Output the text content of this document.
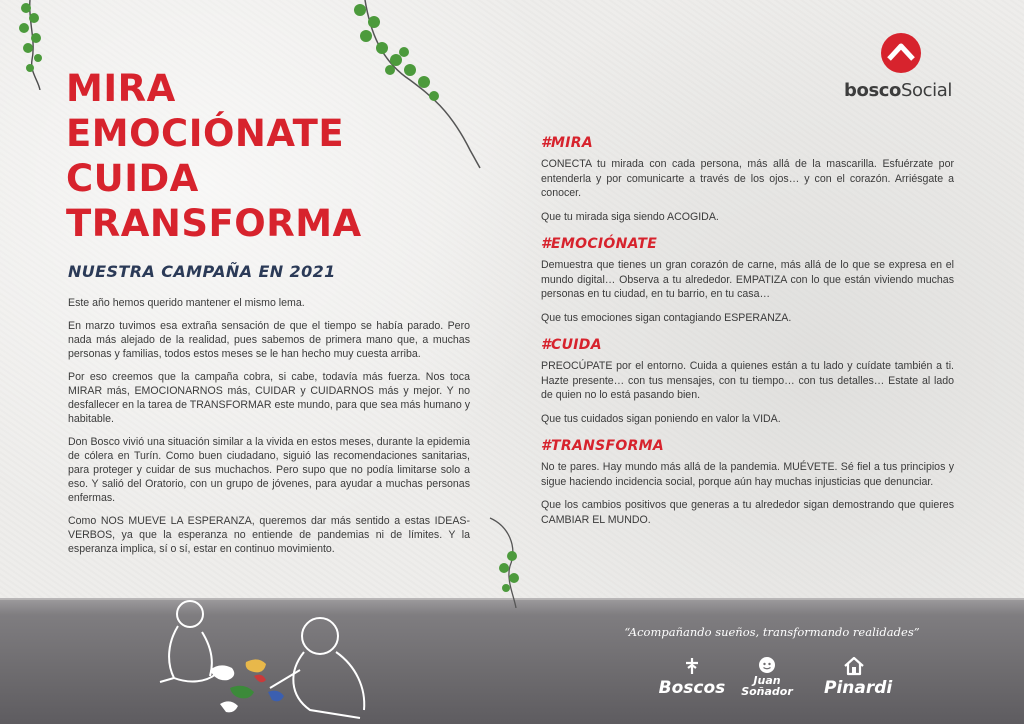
MIRA
EMOCIÓNATE
CUIDA
TRANSFORMA
NUESTRA CAMPAÑA EN 2021

Este año hemos querido mantener el mismo lema.

En marzo tuvimos esa extraña sensación de que el tiempo se había parado. Pero nada más alejado de la realidad, pues sabemos de primera mano que, a muchas personas y familias, todos estos meses se le han hecho muy cuesta arriba.

Por eso creemos que la campaña cobra, si cabe, todavía más fuerza. Nos toca MIRAR más, EMOCIONARNOS más, CUIDAR y CUIDARNOS más y mejor. Y no desfallecer en la tarea de TRANSFORMAR este mundo, para que sea más humano y habitable.

Don Bosco vivió una situación similar a la vivida en estos meses, durante la epidemia de cólera en Turín. Como buen ciudadano, siguió las recomendaciones sanitarias, para proteger y cuidar de sus muchachos. Pero supo que no podía limitarse solo a eso. Y salió del Oratorio, con un grupo de jóvenes, para ayudar a muchas personas enfermas.

Como NOS MUEVE LA ESPERANZA, queremos dar más sentido a estas IDEAS-VERBOS, ya que la esperanza no entiende de pandemias ni de límites. Y la esperanza implica, sí o sí, estar en continuo movimiento.

boscoSocial
#MIRA

CONECTA tu mirada con cada persona, más allá de la mascarilla. Esfuérzate por entenderla y por comunicarte a través de los ojos… y con el corazón. Arriésgate a conocer.

Que tu mirada siga siendo ACOGIDA.

#EMOCIÓNATE

Demuestra que tienes un gran corazón de carne, más allá de lo que se expresa en el mundo digital… Observa a tu alrededor. EMPATIZA con lo que están viviendo muchas personas en tu ciudad, en tu barrio, en tu casa…

Que tus emociones sigan contagiando ESPERANZA.

#CUIDA

PREOCÚPATE por el entorno. Cuida a quienes están a tu lado y cuídate también a ti. Hazte presente… con tus mensajes, con tu tiempo… con tus detalles… Estate al lado de quien no lo está pasando bien.

Que tus cuidados sigan poniendo en valor la VIDA.

#TRANSFORMA

No te pares. Hay mundo más allá de la pandemia. MUÉVETE. Sé fiel a tus principios y sigue haciendo incidencia social, porque aún hay muchas injusticias que denunciar.

Que los cambios positivos que generas a tu alrededor sigan demostrando que quieres CAMBIAR EL MUNDO.

“Acompañando sueños, transformando realidades”
Boscos	Juan
Soñador Pinardi
